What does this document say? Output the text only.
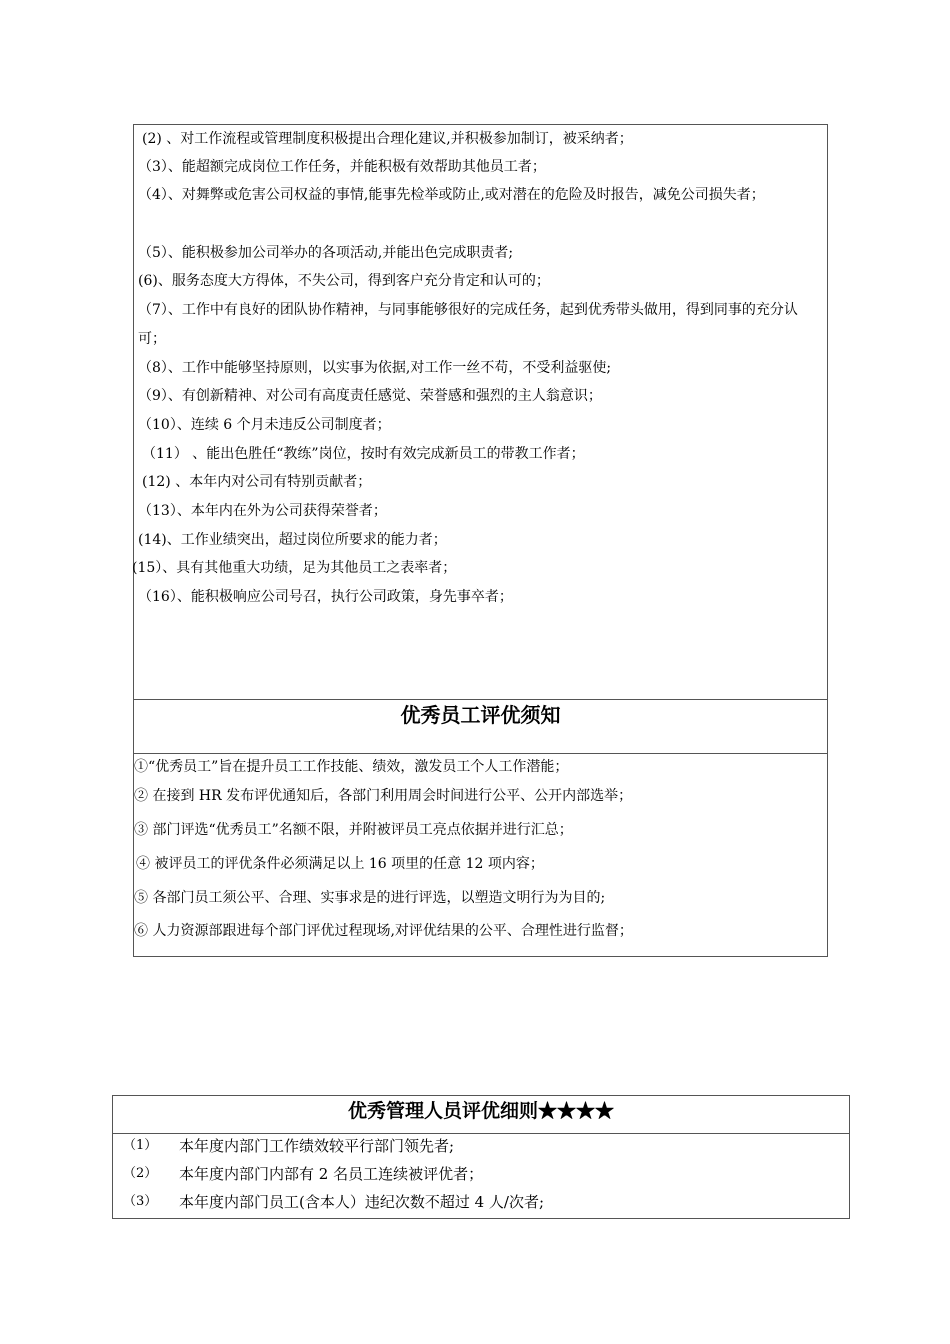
(2) 、对工作流程或管理制度积极提出合理化建议,并积极参加制订，被采纳者；
（3）、能超额完成岗位工作任务，并能积极有效帮助其他员工者；
（4）、对舞弊或危害公司权益的事情,能事先检举或防止,或对潜在的危险及时报告，减免公司损失者；
（5）、能积极参加公司举办的各项活动,并能出色完成职责者;
(6)、服务态度大方得体，不失公司，得到客户充分肯定和认可的；
（7）、工作中有良好的团队协作精神，与同事能够很好的完成任务，起到优秀带头做用，得到同事的充分认可；
（8）、工作中能够坚持原则，以实事为依据,对工作一丝不苟，不受利益驱使;
（9）、有创新精神、对公司有高度责任感觉、荣誉感和强烈的主人翁意识；
（10）、连续 6 个月未违反公司制度者；
（11） 、能出色胜任“教练”岗位，按时有效完成新员工的带教工作者；
(12) 、本年内对公司有特别贡献者；
（13）、本年内在外为公司获得荣誉者；
(14)、工作业绩突出，超过岗位所要求的能力者；
(15）、具有其他重大功绩，足为其他员工之表率者；
（16）、能积极响应公司号召，执行公司政策，身先事卒者；
优秀员工评优须知
①“优秀员工”旨在提升员工工作技能、绩效，激发员工个人工作潜能；
② 在接到 HR 发布评优通知后，各部门利用周会时间进行公平、公开内部选举；
③ 部门评选“优秀员工”名额不限，并附被评员工亮点依据并进行汇总；
④ 被评员工的评优条件必须满足以上 16 项里的任意 12 项内容；
⑤ 各部门员工须公平、合理、实事求是的进行评选，以塑造文明行为为目的;
⑥ 人力资源部跟进每个部门评优过程现场,对评优结果的公平、合理性进行监督；
优秀管理人员评优细则★★★★
（1） 本年度内部门工作绩效较平行部门领先者;
（2） 本年度内部门内部有 2 名员工连续被评优者；
（3） 本年度内部门员工(含本人）违纪次数不超过 4 人/次者;
